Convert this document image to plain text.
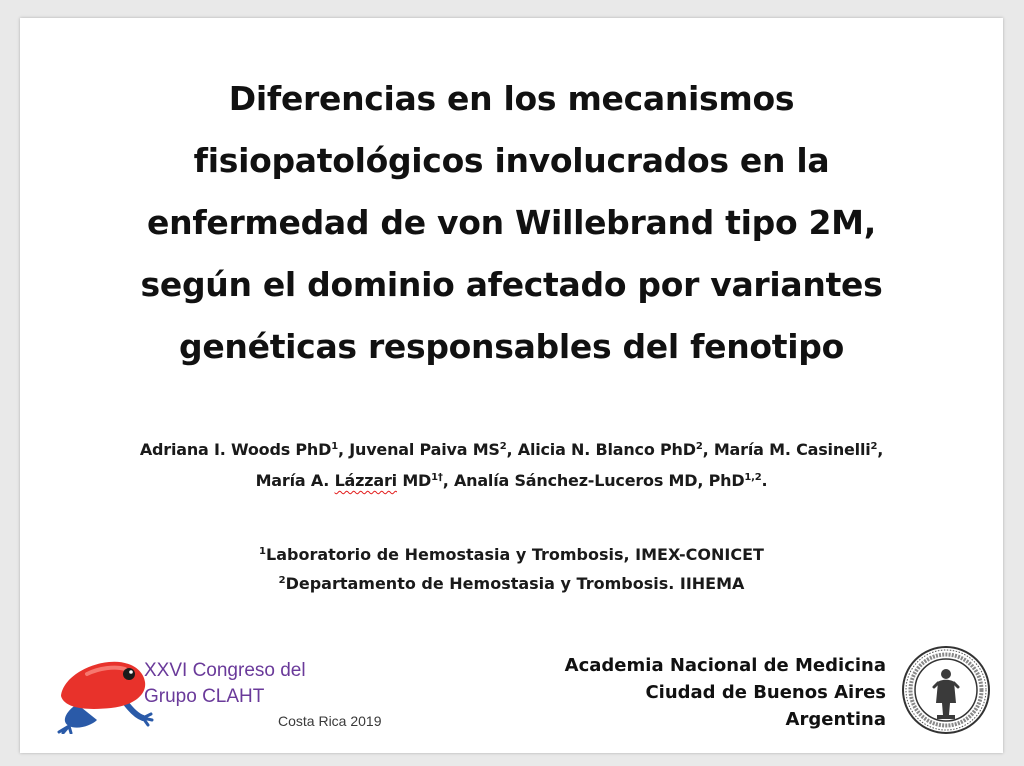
Diferencias en los mecanismos
fisiopatológicos involucrados en la
enfermedad de von Willebrand tipo 2M,
según el dominio afectado por variantes
genéticas responsables del fenotipo
Adriana I. Woods PhD$^1$, Juvenal Paiva $MS^2$, Alicia N. Blanco PhD$^2$, María M. Casinelli$^2$,
María A. Lázzari $MD^{1\dagger}$, Analía Sánchez-Luceros MD, PhD$^{1,2}$.
$^1$Laboratorio de Hemostasia y Trombosis, IMEX-CONICET
$^2$Departamento de Hemostasia y Trombosis. IIHEMA
XXVI Congreso del
Grupo CLAHT
Costa Rica 2019
Academia Nacional de Medicina
Ciudad de Buenos Aires
Argentina
